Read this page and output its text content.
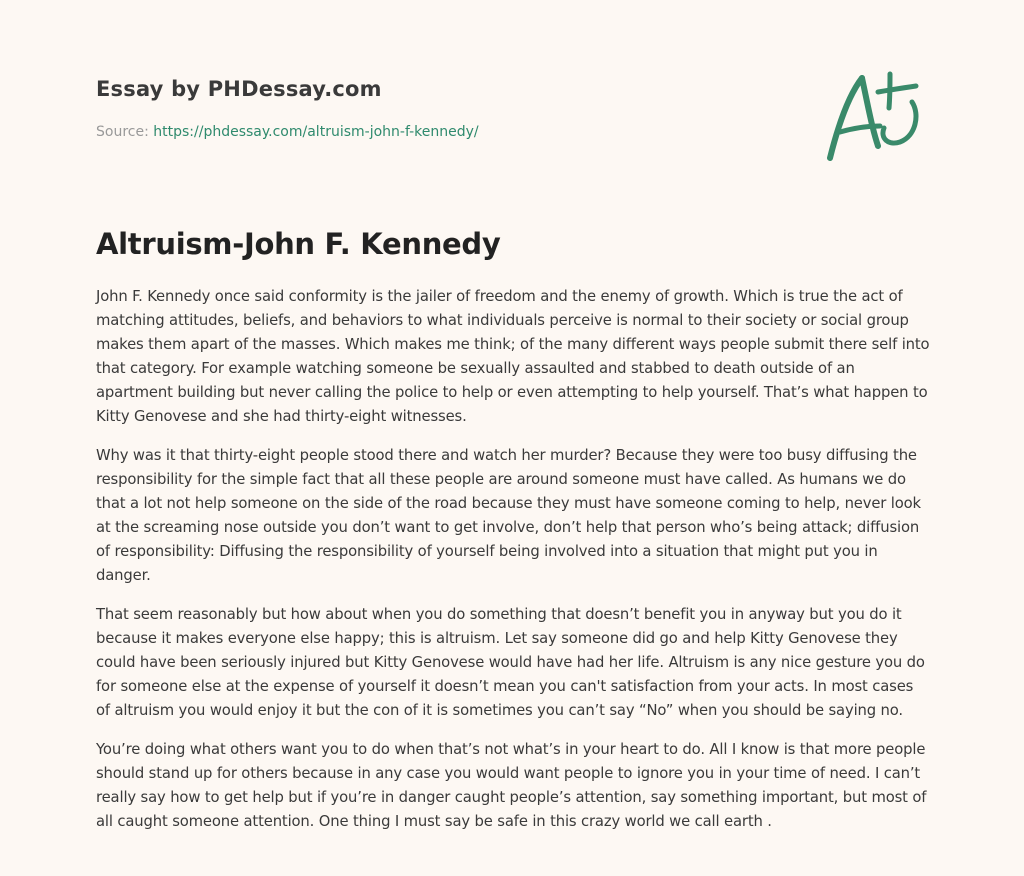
Essay by PHDessay.com
Source: https://phdessay.com/altruism-john-f-kennedy/
Altruism-John F. Kennedy

John F. Kennedy once said conformity is the jailer of freedom and the enemy of growth. Which is true the act of matching attitudes, beliefs, and behaviors to what individuals perceive is normal to their society or social group makes them apart of the masses. Which makes me think; of the many different ways people submit there self into that category. For example watching someone be sexually assaulted and stabbed to death outside of an apartment building but never calling the police to help or even attempting to help yourself. That’s what happen to Kitty Genovese and she had thirty-eight witnesses.

Why was it that thirty-eight people stood there and watch her murder? Because they were too busy diffusing the responsibility for the simple fact that all these people are around someone must have called. As humans we do that a lot not help someone on the side of the road because they must have someone coming to help, never look at the screaming nose outside you don’t want to get involve, don’t help that person who’s being attack; diffusion of responsibility: Diffusing the responsibility of yourself being involved into a situation that might put you in danger.

That seem reasonably but how about when you do something that doesn’t benefit you in anyway but you do it because it makes everyone else happy; this is altruism. Let say someone did go and help Kitty Genovese they could have been seriously injured but Kitty Genovese would have had her life. Altruism is any nice gesture you do for someone else at the expense of yourself it doesn’t mean you can't satisfaction from your acts. In most cases of altruism you would enjoy it but the con of it is sometimes you can’t say “No” when you should be saying no.

You’re doing what others want you to do when that’s not what’s in your heart to do. All I know is that more people should stand up for others because in any case you would want people to ignore you in your time of need. I can’t really say how to get help but if you’re in danger caught people’s attention, say something important, but most of all caught someone attention. One thing I must say be safe in this crazy world we call earth .
